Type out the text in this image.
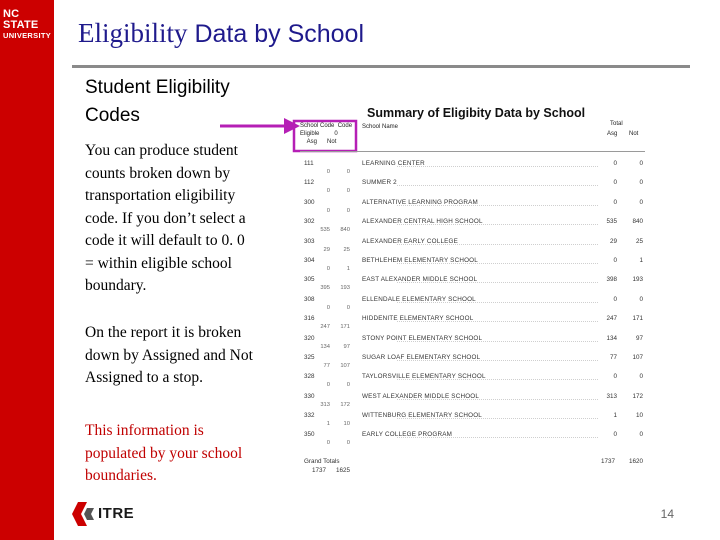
NC STATE
UNIVERSITY Eligibility Data by School
Student Eligibility Codes
You can produce student counts broken down by transportation eligibility code. If you don’t select a code it will default to 0. 0 = within eligible school boundary.
On the report it is broken down by Assigned and Not Assigned to a stop.
This information is populated by your school boundaries.
Summary of Eligibity Data by School
School Code Code
Eligible	0
Asg Not
School Name	Total
Asg Not
111	LEARNING CENTER	0	0
0	0
112	SUMMER 2	0	0
0	0
300	ALTERNATIVE LEARNING PROGRAM	0	0
0	0
302	ALEXANDER CENTRAL HIGH SCHOOL	535 840
535	840
303	ALEXANDER EARLY COLLEGE	29	25
29	25
304	BETHLEHEM ELEMENTARY SCHOOL	0	1
0	1
305	EAST ALEXANDER MIDDLE SCHOOL	398 193
395	193
308	ELLENDALE ELEMENTARY SCHOOL	0	0
0	0
316	HIDDENITE ELEMENTARY SCHOOL	247 171
247	171
320	STONY POINT ELEMENTARY SCHOOL	134	97
134	97
325	SUGAR LOAF ELEMENTARY SCHOOL	77 107
77	107
328	TAYLORSVILLE ELEMENTARY SCHOOL	0	0
0	0
330	WEST ALEXANDER MIDDLE SCHOOL	313 172
313	172
332	WITTENBURG ELEMENTARY SCHOOL	1	10
1	10
350	EARLY COLLEGE PROGRAM	0	0
0	0
Grand Totals
1737 1625
1737 1620
ITRE	14
